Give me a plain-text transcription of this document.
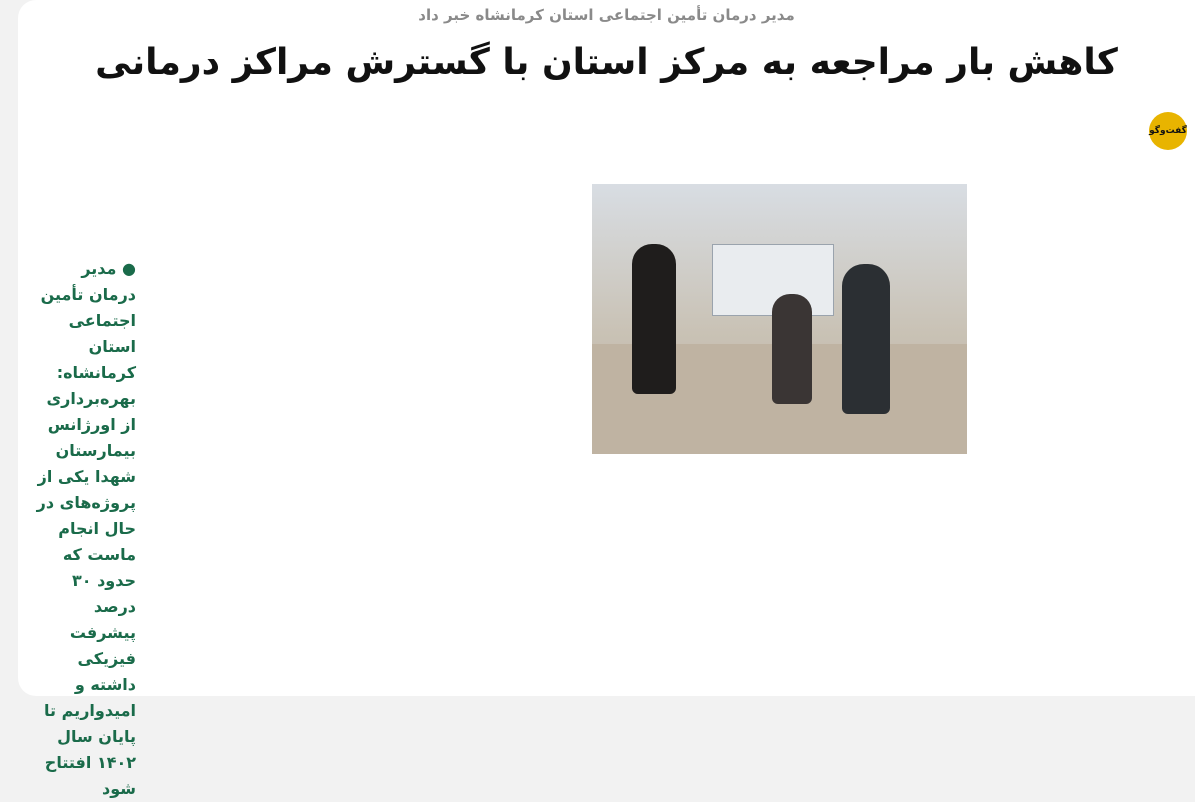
مدیر درمان تأمین اجتماعی استان کرمانشاه خبر داد
کاهش بار مراجعه به مرکز استان با گسترش مراکز درمانی
گفت‌وگو
● مدیر درمان تأمین اجتماعی استان کرمانشاه: بهره‌برداری از اورژانس بیمارستان شهدا یکی از پروژه‌های در حال انجام ماست که حدود ۳۰ درصد پیشرفت فیزیکی داشته و امیدواریم تا پایان سال ۱۴۰۲ افتتاح شود
